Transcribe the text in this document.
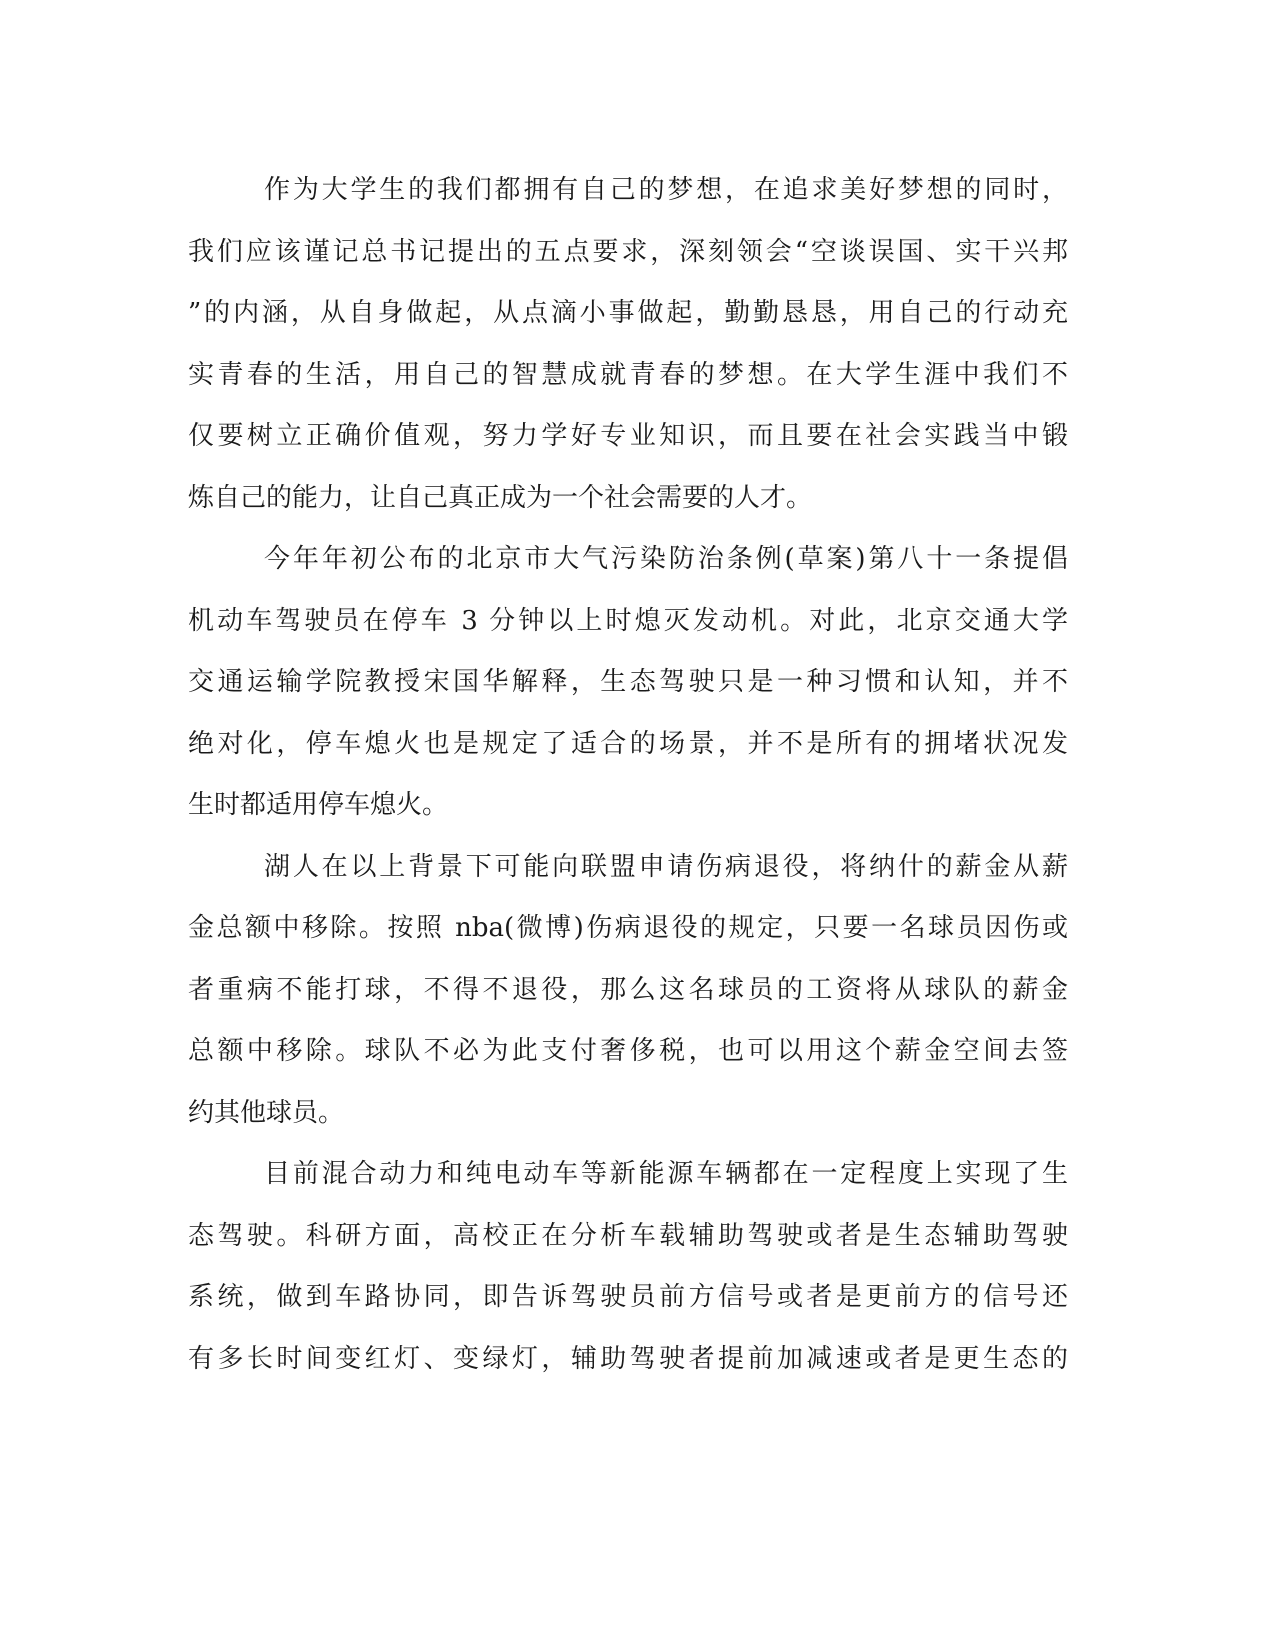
作为大学生的我们都拥有自己的梦想，在追求美好梦想的同时，
我们应该谨记总书记提出的五点要求，深刻领会“空谈误国、实干兴邦
”的内涵，从自身做起，从点滴小事做起，勤勤恳恳，用自己的行动充
实青春的生活，用自己的智慧成就青春的梦想。在大学生涯中我们不
仅要树立正确价值观，努力学好专业知识，而且要在社会实践当中锻
炼自己的能力，让自己真正成为一个社会需要的人才。

今年年初公布的北京市大气污染防治条例(草案)第八十一条提倡
机动车驾驶员在停车 3 分钟以上时熄灭发动机。对此，北京交通大学
交通运输学院教授宋国华解释，生态驾驶只是一种习惯和认知，并不
绝对化，停车熄火也是规定了适合的场景，并不是所有的拥堵状况发
生时都适用停车熄火。

湖人在以上背景下可能向联盟申请伤病退役，将纳什的薪金从薪
金总额中移除。按照 nba(微博)伤病退役的规定，只要一名球员因伤或
者重病不能打球，不得不退役，那么这名球员的工资将从球队的薪金
总额中移除。球队不必为此支付奢侈税，也可以用这个薪金空间去签
约其他球员。

目前混合动力和纯电动车等新能源车辆都在一定程度上实现了生
态驾驶。科研方面，高校正在分析车载辅助驾驶或者是生态辅助驾驶
系统，做到车路协同，即告诉驾驶员前方信号或者是更前方的信号还
有多长时间变红灯、变绿灯，辅助驾驶者提前加减速或者是更生态的
